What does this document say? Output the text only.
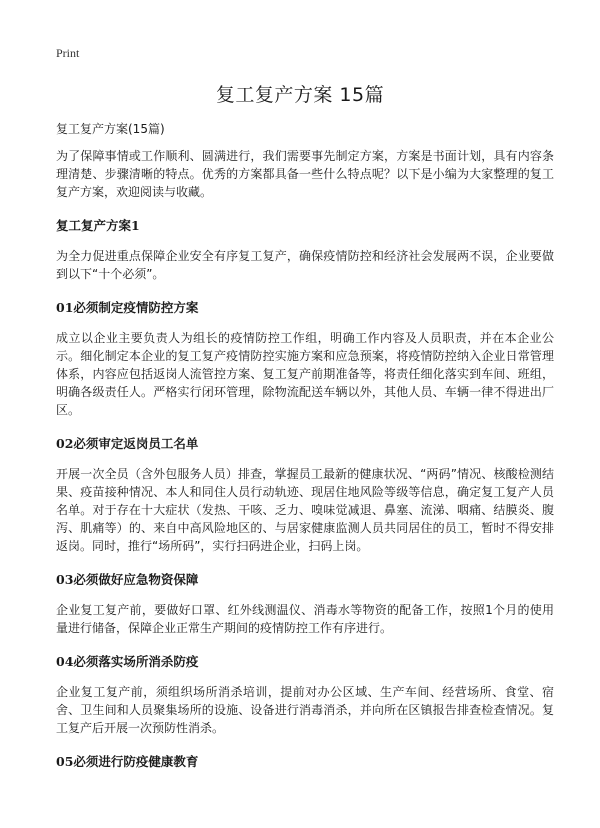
Print
复工复产方案 15篇

复工复产方案(15篇)

为了保障事情或工作顺利、圆满进行，我们需要事先制定方案，方案是书面计划，具有内容条理清楚、步骤清晰的特点。优秀的方案都具备一些什么特点呢？以下是小编为大家整理的复工复产方案，欢迎阅读与收藏。

复工复产方案1

为全力促进重点保障企业安全有序复工复产，确保疫情防控和经济社会发展两不误，企业要做到以下“十个必须”。

01必须制定疫情防控方案

成立以企业主要负责人为组长的疫情防控工作组，明确工作内容及人员职责，并在本企业公示。细化制定本企业的复工复产疫情防控实施方案和应急预案，将疫情防控纳入企业日常管理体系，内容应包括返岗人流管控方案、复工复产前期准备等，将责任细化落实到车间、班组，明确各级责任人。严格实行闭环管理，除物流配送车辆以外，其他人员、车辆一律不得进出厂区。

02必须审定返岗员工名单

开展一次全员（含外包服务人员）排查，掌握员工最新的健康状况、“两码”情况、核酸检测结果、疫苗接种情况、本人和同住人员行动轨迹、现居住地风险等级等信息，确定复工复产人员名单。对于存在十大症状（发热、干咳、乏力、嗅味觉减退、鼻塞、流涕、咽痛、结膜炎、腹泻、肌痛等）的、来自中高风险地区的、与居家健康监测人员共同居住的员工，暂时不得安排返岗。同时，推行“场所码”，实行扫码进企业，扫码上岗。

03必须做好应急物资保障

企业复工复产前，要做好口罩、红外线测温仪、消毒水等物资的配备工作，按照1个月的使用量进行储备，保障企业正常生产期间的疫情防控工作有序进行。

04必须落实场所消杀防疫

企业复工复产前，须组织场所消杀培训，提前对办公区域、生产车间、经营场所、食堂、宿舍、卫生间和人员聚集场所的设施、设备进行消毒消杀，并向所在区镇报告排查检查情况。复工复产后开展一次预防性消杀。

05必须进行防疫健康教育
